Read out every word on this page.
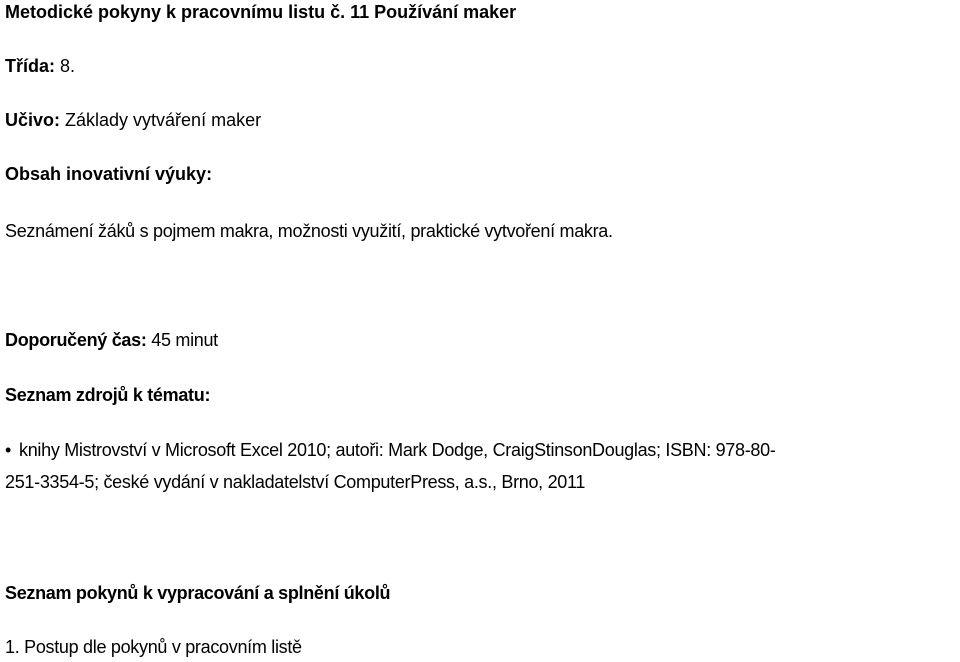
Metodické pokyny k pracovnímu listu č. 11 Používání maker
Třída: 8.
Učivo: Základy vytváření maker
Obsah inovativní výuky:
Seznámení žáků s pojmem makra, možnosti využití, praktické vytvoření makra.
Doporučený čas: 45 minut
Seznam zdrojů k tématu:
• knihy Mistrovství v Microsoft Excel 2010; autoři: Mark Dodge, CraigStinsonDouglas; ISBN: 978-80-
251-3354-5; české vydání v nakladatelství ComputerPress, a.s., Brno, 2011
Seznam pokynů k vypracování a splnění úkolů
1. Postup dle pokynů v pracovním listě
